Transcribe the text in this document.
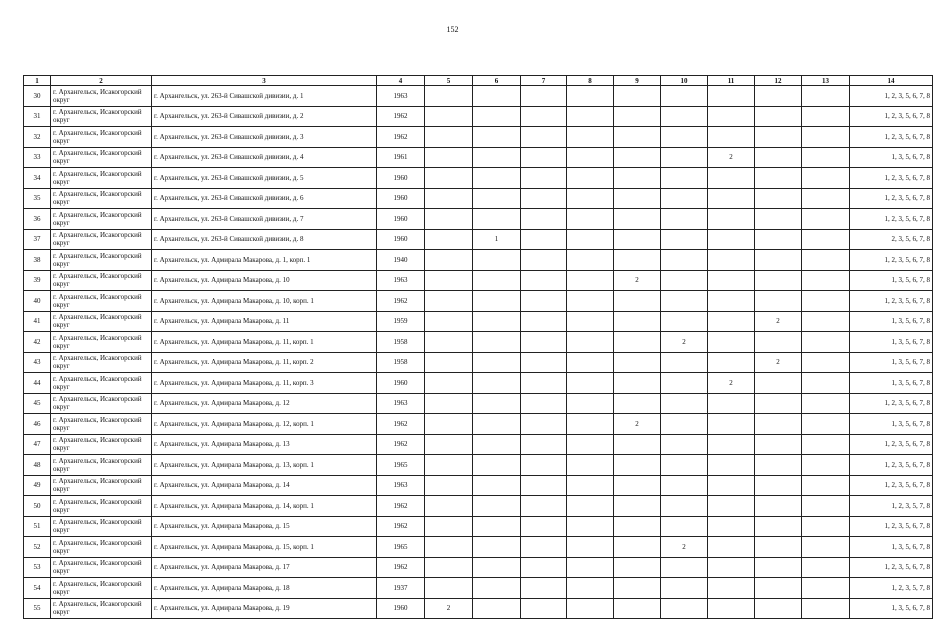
152
1	2	3	4	5	6	7	8	9	10	11	12	13	14
30	г. Архангельск, Исакогорский округ	г. Архангельск, ул. 263-й Сивашской дивизии, д. 1	1963										1, 2, 3, 5, 6, 7, 8
31	г. Архангельск, Исакогорский округ	г. Архангельск, ул. 263-й Сивашской дивизии, д. 2	1962										1, 2, 3, 5, 6, 7, 8
32	г. Архангельск, Исакогорский округ	г. Архангельск, ул. 263-й Сивашской дивизии, д. 3	1962										1, 2, 3, 5, 6, 7, 8
33	г. Архангельск, Исакогорский округ	г. Архангельск, ул. 263-й Сивашской дивизии, д. 4	1961							2			1, 3, 5, 6, 7, 8
34	г. Архангельск, Исакогорский округ	г. Архангельск, ул. 263-й Сивашской дивизии, д. 5	1960										1, 2, 3, 5, 6, 7, 8
35	г. Архангельск, Исакогорский округ	г. Архангельск, ул. 263-й Сивашской дивизии, д. 6	1960										1, 2, 3, 5, 6, 7, 8
36	г. Архангельск, Исакогорский округ	г. Архангельск, ул. 263-й Сивашской дивизии, д. 7	1960										1, 2, 3, 5, 6, 7, 8
37	г. Архангельск, Исакогорский округ	г. Архангельск, ул. 263-й Сивашской дивизии, д. 8	1960		1								2, 3, 5, 6, 7, 8
38	г. Архангельск, Исакогорский округ	г. Архангельск, ул. Адмирала Макарова, д. 1, корп. 1	1940										1, 2, 3, 5, 6, 7, 8
39	г. Архангельск, Исакогорский округ	г. Архангельск, ул. Адмирала Макарова, д. 10	1963					2					1, 3, 5, 6, 7, 8
40	г. Архангельск, Исакогорский округ	г. Архангельск, ул. Адмирала Макарова, д. 10, корп. 1	1962										1, 2, 3, 5, 6, 7, 8
41	г. Архангельск, Исакогорский округ	г. Архангельск, ул. Адмирала Макарова, д. 11	1959								2		1, 3, 5, 6, 7, 8
42	г. Архангельск, Исакогорский округ	г. Архангельск, ул. Адмирала Макарова, д. 11, корп. 1	1958						2				1, 3, 5, 6, 7, 8
43	г. Архангельск, Исакогорский округ	г. Архангельск, ул. Адмирала Макарова, д. 11, корп. 2	1958								2		1, 3, 5, 6, 7, 8
44	г. Архангельск, Исакогорский округ	г. Архангельск, ул. Адмирала Макарова, д. 11, корп. 3	1960							2			1, 3, 5, 6, 7, 8
45	г. Архангельск, Исакогорский округ	г. Архангельск, ул. Адмирала Макарова, д. 12	1963										1, 2, 3, 5, 6, 7, 8
46	г. Архангельск, Исакогорский округ	г. Архангельск, ул. Адмирала Макарова, д. 12, корп. 1	1962					2					1, 3, 5, 6, 7, 8
47	г. Архангельск, Исакогорский округ	г. Архангельск, ул. Адмирала Макарова, д. 13	1962										1, 2, 3, 5, 6, 7, 8
48	г. Архангельск, Исакогорский округ	г. Архангельск, ул. Адмирала Макарова, д. 13, корп. 1	1965										1, 2, 3, 5, 6, 7, 8
49	г. Архангельск, Исакогорский округ	г. Архангельск, ул. Адмирала Макарова, д. 14	1963										1, 2, 3, 5, 6, 7, 8
50	г. Архангельск, Исакогорский округ	г. Архангельск, ул. Адмирала Макарова, д. 14, корп. 1	1962										1, 2, 3, 5, 7, 8
51	г. Архангельск, Исакогорский округ	г. Архангельск, ул. Адмирала Макарова, д. 15	1962										1, 2, 3, 5, 6, 7, 8
52	г. Архангельск, Исакогорский округ	г. Архангельск, ул. Адмирала Макарова, д. 15, корп. 1	1965						2				1, 3, 5, 6, 7, 8
53	г. Архангельск, Исакогорский округ	г. Архангельск, ул. Адмирала Макарова, д. 17	1962										1, 2, 3, 5, 6, 7, 8
54	г. Архангельск, Исакогорский округ	г. Архангельск, ул. Адмирала Макарова, д. 18	1937										1, 2, 3, 5, 7, 8
55	г. Архангельск, Исакогорский округ	г. Архангельск, ул. Адмирала Макарова, д. 19	1960	2									1, 3, 5, 6, 7, 8
